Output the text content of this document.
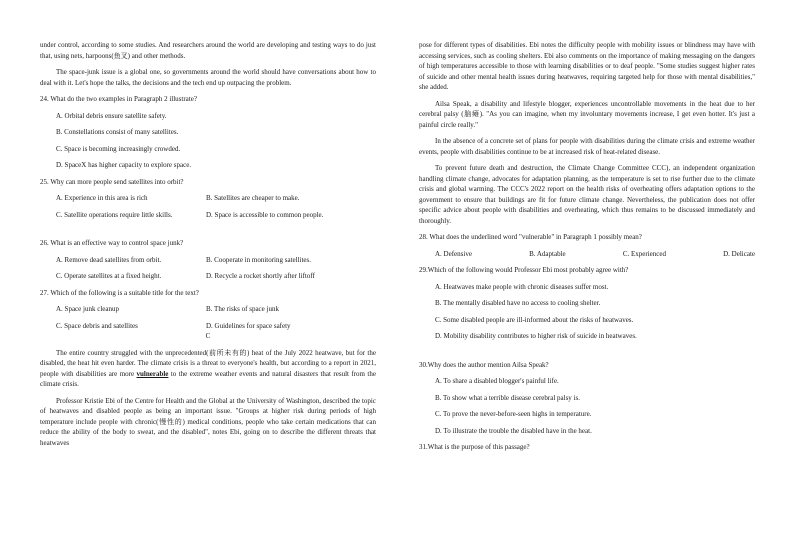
under control, according to some studies. And researchers around the world are developing and testing ways to do just that, using nets, harpoons(鱼叉) and other methods.

The space-junk issue is a global one, so governments around the world should have conversations about how to deal with it. Let's hope the talks, the decisions and the tech end up outpacing the problem.

24. What do the two examples in Paragraph 2 illustrate?

A. Orbital debris ensure satellite safety.

B. Constellations consist of many satellites.

C. Space is becoming increasingly crowded.

D. SpaceX has higher capacity to explore space.

25. Why can more people send satellites into orbit?

A. Experience in this area is rich	B. Satellites are cheaper to make.
C. Satellite operations require little skills.	D. Space is accessible to common people.

26. What is an effective way to control space junk?

A. Remove dead satellites from orbit.	B. Cooperate in monitoring satellites.
C. Operate satellites at a fixed height.	D. Recycle a rocket shortly after liftoff

27. Which of the following is a suitable title for the text?

A. Space junk cleanup	B. The risks of space junk
C. Space debris and satellites	D. Guidelines for space safety

C

The entire country struggled with the unprecedented(前所未有的) heat of the July 2022 heatwave, but for the disabled, the heat hit even harder. The climate crisis is a threat to everyone's health, but according to a report in 2021, people with disabilities are more vulnerable to the extreme weather events and natural disasters that result from the climate crisis.

Professor Kristie Ebi of the Centre for Health and the Global at the University of Washington, described the topic of heatwaves and disabled people as being an important issue. "Groups at higher risk during periods of high temperature include people with chronic(慢性的) medical conditions, people who take certain medications that can reduce the ability of the body to sweat, and the disabled", notes Ebi, going on to describe the different threats that heatwaves

pose for different types of disabilities. Ebi notes the difficulty people with mobility issues or blindness may have with accessing services, such as cooling shelters. Ebi also comments on the importance of making messaging on the dangers of high temperatures accessible to those with learning disabilities or to deaf people. "Some studies suggest higher rates of suicide and other mental health issues during heatwaves, requiring targeted help for those with mental disabilities," she added.

Ailsa Speak, a disability and lifestyle blogger, experiences uncontrollable movements in the heat due to her cerebral palsy (脑瘫). "As you can imagine, when my involuntary movements increase, I get even hotter. It's just a painful circle really."

In the absence of a concrete set of plans for people with disabilities during the climate crisis and extreme weather events, people with disabilities continue to be at increased risk of heat-related disease.

To prevent future death and destruction, the Climate Change Committee CCC), an independent organization handling climate change, advocates for adaptation planning, as the temperature is set to rise further due to the climate crisis and global warming. The CCC's 2022 report on the health risks of overheating offers adaptation options to the government to ensure that buildings are fit for future climate change. Nevertheless, the publication does not offer specific advice about people with disabilities and overheating, which thus remains to be discussed immediately and thoroughly.

28. What does the underlined word "vulnerable" in Paragraph 1 possibly mean?

A. Defensive	B. Adaptable	C. Experienced	D. Delicate

29.Which of the following would Professor Ebi most probably agree with?

A. Heatwaves make people with chronic diseases suffer most.

B. The mentally disabled have no access to cooling shelter.

C. Some disabled people are ill-informed about the risks of heatwaves.

D. Mobility disability contributes to higher risk of suicide in heatwaves.

30.Why does the author mention Ailsa Speak?

A. To share a disabled blogger's painful life.

B. To show what a terrible disease cerebral palsy is.

C. To prove the never-before-seen highs in temperature.

D. To illustrate the trouble the disabled have in the heat.

31.What is the purpose of this passage?
